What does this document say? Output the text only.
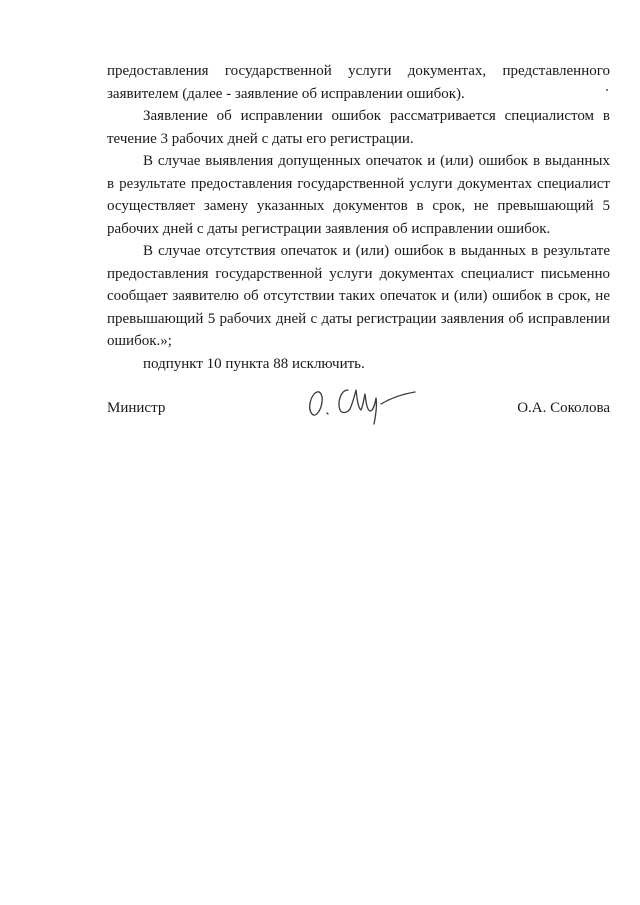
предоставления государственной услуги документах, представленного заявителем (далее - заявление об исправлении ошибок).

Заявление об исправлении ошибок рассматривается специалистом в течение 3 рабочих дней с даты его регистрации.

В случае выявления допущенных опечаток и (или) ошибок в выданных в результате предоставления государственной услуги документах специалист осуществляет замену указанных документов в срок, не превышающий 5 рабочих дней с даты регистрации заявления об исправлении ошибок.

В случае отсутствия опечаток и (или) ошибок в выданных в результате предоставления государственной услуги документах специалист письменно сообщает заявителю об отсутствии таких опечаток и (или) ошибок в срок, не превышающий 5 рабочих дней с даты регистрации заявления об исправлении ошибок.»;

подпункт 10 пункта 88 исключить.

Министр	О.А. Соколова
